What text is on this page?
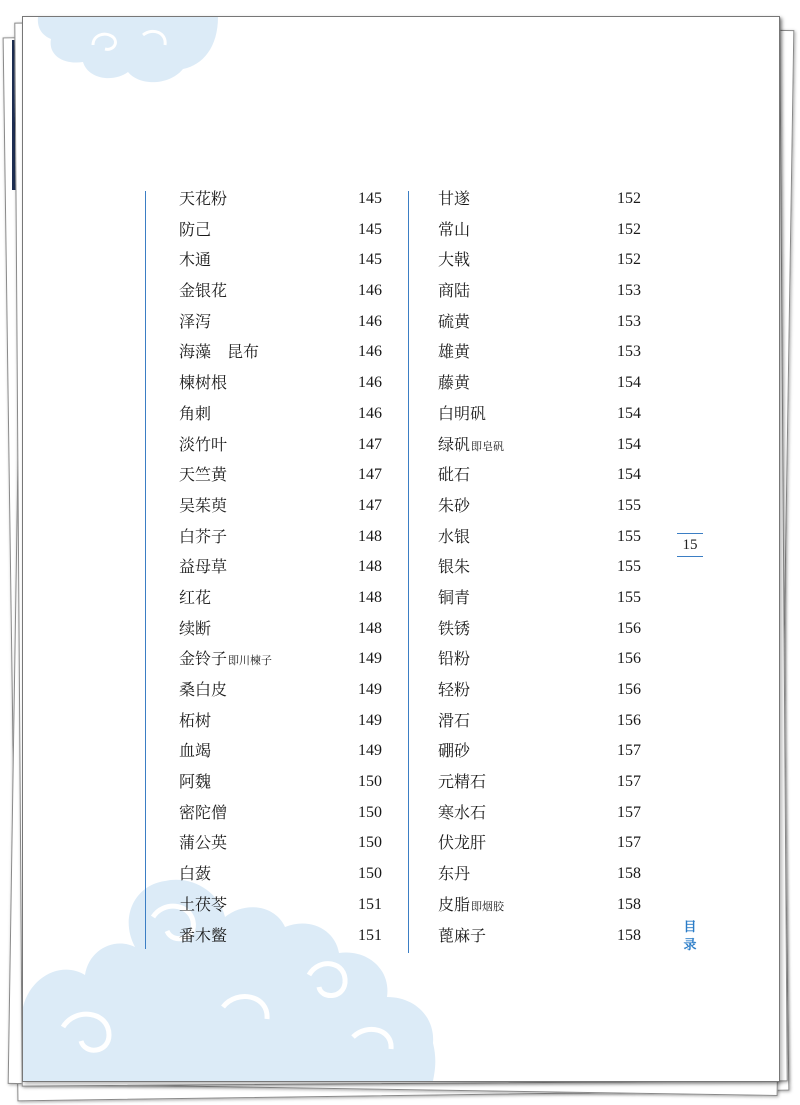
天花粉	145
防己	145
木通	145
金银花	146
泽泻	146
海藻　昆布	146
楝树根	146
角刺	146
淡竹叶	147
天竺黄	147
吴茱萸	147
白芥子	148
益母草	148
红花	148
续断	148
金铃子 即川楝子	149
桑白皮	149
柘树	149
血竭	149
阿魏	150
密陀僧	150
蒲公英	150
白蔹	150
土茯苓	151
番木鳖	151
甘遂	152
常山	152
大戟	152
商陆	153
硫黄	153
雄黄	153
藤黄	154
白明矾	154
绿矾 即皂矾	154
砒石	154
朱砂	155
水银	155
银朱	155
铜青	155
铁锈	156
铅粉	156
轻粉	156
滑石	156
硼砂	157
元精石	157
寒水石	157
伏龙肝	157
东丹	158
皮脂 即烟胶	158
蓖麻子	158
15
目录
